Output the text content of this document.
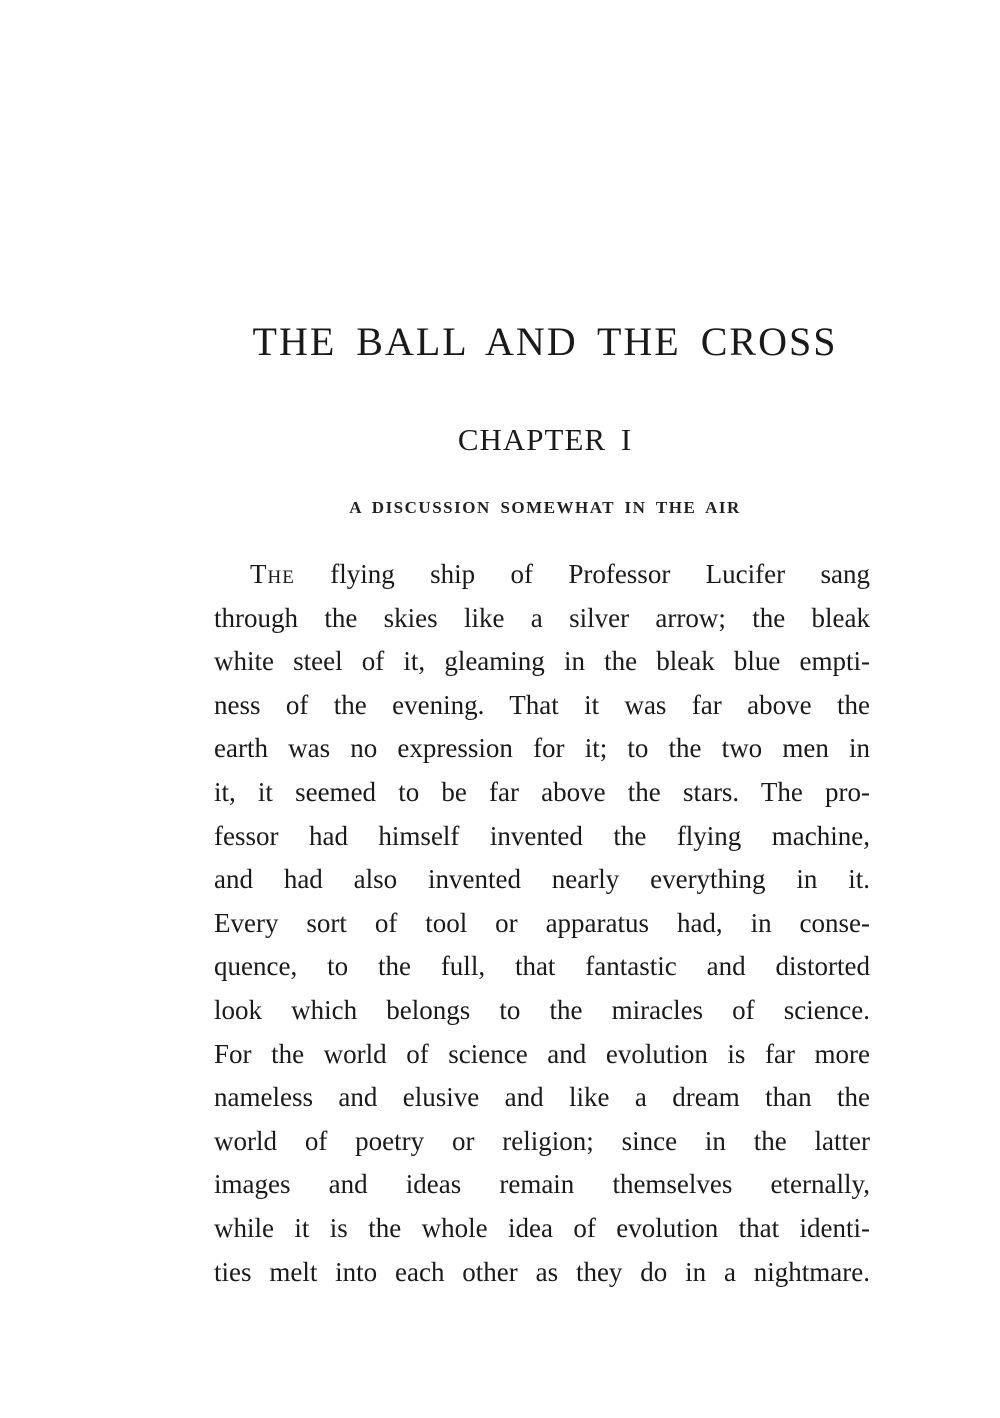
THE BALL AND THE CROSS
CHAPTER I
A DISCUSSION SOMEWHAT IN THE AIR
The flying ship of Professor Lucifer sang
through the skies like a silver arrow; the bleak
white steel of it, gleaming in the bleak blue empti-
ness of the evening. That it was far above the
earth was no expression for it; to the two men in
it, it seemed to be far above the stars. The pro-
fessor had himself invented the flying machine,
and had also invented nearly everything in it.
Every sort of tool or apparatus had, in conse-
quence, to the full, that fantastic and distorted
look which belongs to the miracles of science.
For the world of science and evolution is far more
nameless and elusive and like a dream than the
world of poetry or religion; since in the latter
images and ideas remain themselves eternally,
while it is the whole idea of evolution that identi-
ties melt into each other as they do in a nightmare.
